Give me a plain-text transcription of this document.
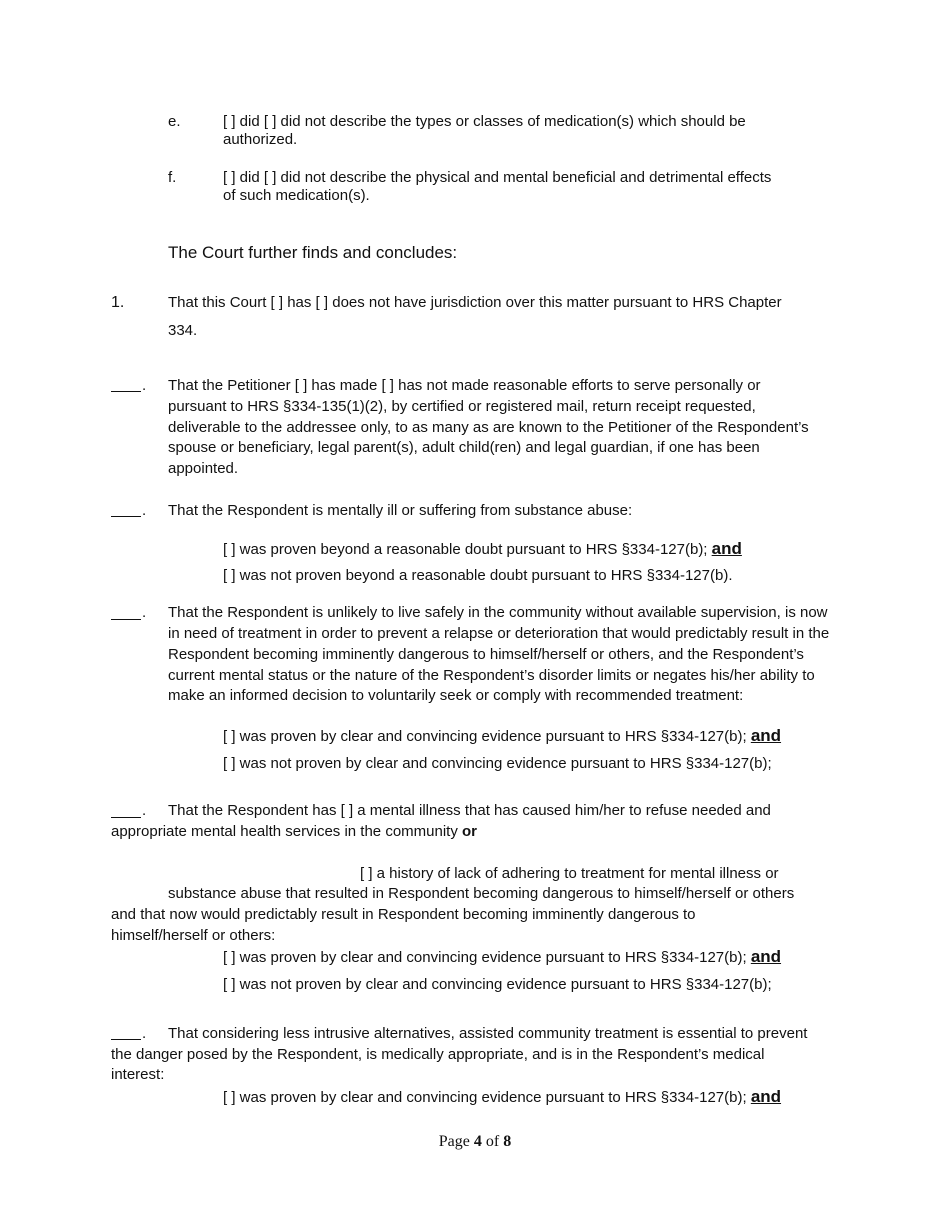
e.	[ ] did [ ] did not describe the types or classes of medication(s) which should be
authorized.
f.	[ ] did [ ] did not describe the physical and mental beneficial and detrimental effects
of such medication(s).
The Court further finds and concludes:
1.	That this Court [ ] has [ ] does not have jurisdiction over this matter pursuant to HRS Chapter
334.
. That the Petitioner [ ] has made [ ] has not made reasonable efforts to serve personally or
pursuant to HRS §334-135(1)(2), by certified or registered mail, return receipt requested,
deliverable to the addressee only, to as many as are known to the Petitioner of the Respondent’s
spouse or beneficiary, legal parent(s), adult child(ren) and legal guardian, if one has been
appointed.
. That the Respondent is mentally ill or suffering from substance abuse:
[ ] was proven beyond a reasonable doubt pursuant to HRS §334-127(b); and
[ ] was not proven beyond a reasonable doubt pursuant to HRS §334-127(b).
. That the Respondent is unlikely to live safely in the community without available supervision, is now
in need of treatment in order to prevent a relapse or deterioration that would predictably result in the
Respondent becoming imminently dangerous to himself/herself or others, and the Respondent’s
current mental status or the nature of the Respondent’s disorder limits or negates his/her ability to
make an informed decision to voluntarily seek or comply with recommended treatment:
[ ] was proven by clear and convincing evidence pursuant to HRS §334-127(b); and
[ ] was not proven by clear and convincing evidence pursuant to HRS §334-127(b);
. That the Respondent has [ ] a mental illness that has caused him/her to refuse needed and
appropriate mental health services in the community or
[ ] a history of lack of adhering to treatment for mental illness or
substance abuse that resulted in Respondent becoming dangerous to himself/herself or others
and that now would predictably result in Respondent becoming imminently dangerous to
himself/herself or others:
[ ] was proven by clear and convincing evidence pursuant to HRS §334-127(b); and
[ ] was not proven by clear and convincing evidence pursuant to HRS §334-127(b);
. That considering less intrusive alternatives, assisted community treatment is essential to prevent
the danger posed by the Respondent, is medically appropriate, and is in the Respondent’s medical
interest:
[ ] was proven by clear and convincing evidence pursuant to HRS §334-127(b); and
Page 4 of 8
